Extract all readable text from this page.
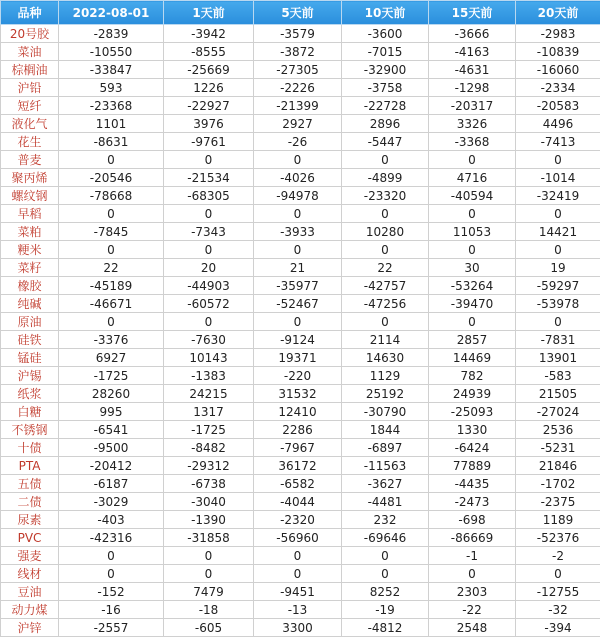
品种	2022-08-01	1天前	5天前	10天前	15天前	20天前
20号胶	-2839	-3942	-3579	-3600	-3666	-2983
菜油	-10550	-8555	-3872	-7015	-4163	-10839
棕榈油	-33847	-25669	-27305	-32900	-4631	-16060
沪铅	593	1226	-2226	-3758	-1298	-2334
短纤	-23368	-22927	-21399	-22728	-20317	-20583
液化气	1101	3976	2927	2896	3326	4496
花生	-8631	-9761	-26	-5447	-3368	-7413
普麦	0	0	0	0	0	0
聚丙烯	-20546	-21534	-4026	-4899	4716	-1014
螺纹钢	-78668	-68305	-94978	-23320	-40594	-32419
早稻	0	0	0	0	0	0
菜粕	-7845	-7343	-3933	10280	11053	14421
粳米	0	0	0	0	0	0
菜籽	22	20	21	22	30	19
橡胶	-45189	-44903	-35977	-42757	-53264	-59297
纯碱	-46671	-60572	-52467	-47256	-39470	-53978
原油	0	0	0	0	0	0
硅铁	-3376	-7630	-9124	2114	2857	-7831
锰硅	6927	10143	19371	14630	14469	13901
沪锡	-1725	-1383	-220	1129	782	-583
纸浆	28260	24215	31532	25192	24939	21505
白糖	995	1317	12410	-30790	-25093	-27024
不锈钢	-6541	-1725	2286	1844	1330	2536
十债	-9500	-8482	-7967	-6897	-6424	-5231
PTA	-20412	-29312	36172	-11563	77889	21846
五债	-6187	-6738	-6582	-3627	-4435	-1702
二债	-3029	-3040	-4044	-4481	-2473	-2375
尿素	-403	-1390	-2320	232	-698	1189
PVC	-42316	-31858	-56960	-69646	-86669	-52376
强麦	0	0	0	0	-1	-2
线材	0	0	0	0	0	0
豆油	-152	7479	-9451	8252	2303	-12755
动力煤	-16	-18	-13	-19	-22	-32
沪锌	-2557	-605	3300	-4812	2548	-394
